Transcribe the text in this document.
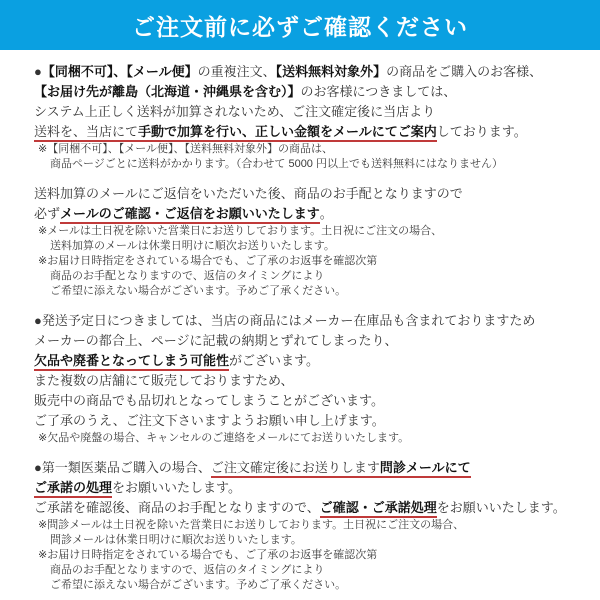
ご注文前に必ずご確認ください
●【同梱不可】、【メール便】の重複注文、【送料無料対象外】の商品をご購入のお客様、
【お届け先が離島（北海道・沖縄県を含む）】のお客様につきましては、
システム上正しく送料が加算されないため、ご注文確定後に当店より
送料を、当店にて手動で加算を行い、正しい金額をメールにてご案内しております。
※【同梱不可】、【メール便】、【送料無料対象外】の商品は、
商品ページごとに送料がかかります。（合わせて 5000 円以上でも送料無料にはなりません）
送料加算のメールにご返信をいただいた後、商品のお手配となりますので
必ずメールのご確認・ご返信をお願いいたします。
※メールは土日祝を除いた営業日にお送りしております。土日祝にご注文の場合、
送料加算のメールは休業日明けに順次お送りいたします。
※お届け日時指定をされている場合でも、ご了承のお返事を確認次第
商品のお手配となりますので、返信のタイミングにより
ご希望に添えない場合がございます。予めご了承ください。
●発送予定日につきましては、当店の商品にはメーカー在庫品も含まれておりますため
メーカーの都合上、ページに記載の納期とずれてしまったり、
欠品や廃番となってしまう可能性がございます。
また複数の店舗にて販売しておりますため、
販売中の商品でも品切れとなってしまうことがございます。
ご了承のうえ、ご注文下さいますようお願い申し上げます。
※欠品や廃盤の場合、キャンセルのご連絡をメールにてお送りいたします。
●第一類医薬品ご購入の場合、ご注文確定後にお送りします問診メールにて
ご承諾の処理をお願いいたします。
ご承諾を確認後、商品のお手配となりますので、ご確認・ご承諾処理をお願いいたします。
※問診メールは土日祝を除いた営業日にお送りしております。土日祝にご注文の場合、
問診メールは休業日明けに順次お送りいたします。
※お届け日時指定をされている場合でも、ご了承のお返事を確認次第
商品のお手配となりますので、返信のタイミングにより
ご希望に添えない場合がございます。予めご了承ください。
